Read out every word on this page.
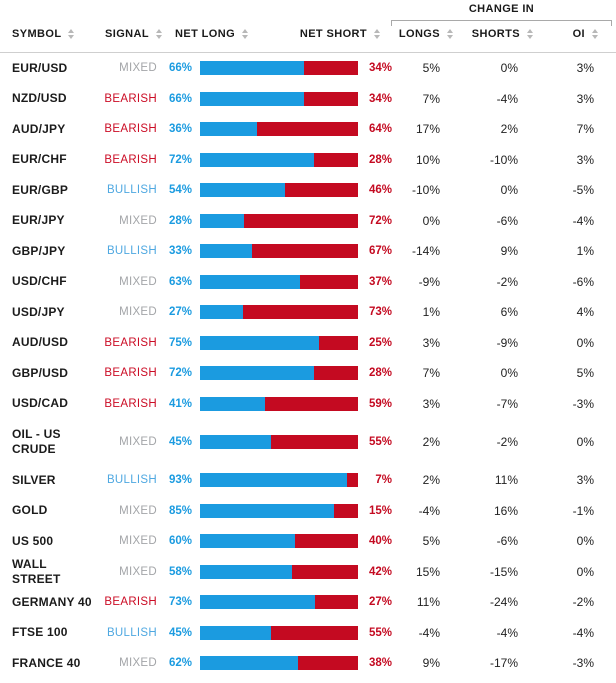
CHANGE IN
SYMBOL	SIGNAL NET LONG	NET SHORT	LONGS	SHORTS	OI
EUR/USD	MIXED	66%	34%	5%	0%	3%
NZD/USD	BEARISH	66%	34%	7%	-4%	3%
AUD/JPY	BEARISH	36%	64%	17%	2%	7%
EUR/CHF	BEARISH	72%	28%	10%	-10%	3%
EUR/GBP	BULLISH	54%	46%	-10%	0%	-5%
EUR/JPY	MIXED	28%	72%	0%	-6%	-4%
GBP/JPY	BULLISH	33%	67%	-14%	9%	1%
USD/CHF	MIXED	63%	37%	-9%	-2%	-6%
USD/JPY	MIXED	27%	73%	1%	6%	4%
AUD/USD	BEARISH	75%	25%	3%	-9%	0%
GBP/USD	BEARISH	72%	28%	7%	0%	5%
USD/CAD	BEARISH	41%	59%	3%	-7%	-3%
OIL - US CRUDE	MIXED	45%	55%	2%	-2%	0%
SILVER	BULLISH	93%	7%	2%	11%	3%
GOLD	MIXED	85%	15%	-4%	16%	-1%
US 500	MIXED	60%	40%	5%	-6%	0%
WALL STREET	MIXED	58%	42%	15%	-15%	0%
GERMANY 40	BEARISH	73%	27%	11%	-24%	-2%
FTSE 100	BULLISH	45%	55%	-4%	-4%	-4%
FRANCE 40	MIXED	62%	38%	9%	-17%	-3%
